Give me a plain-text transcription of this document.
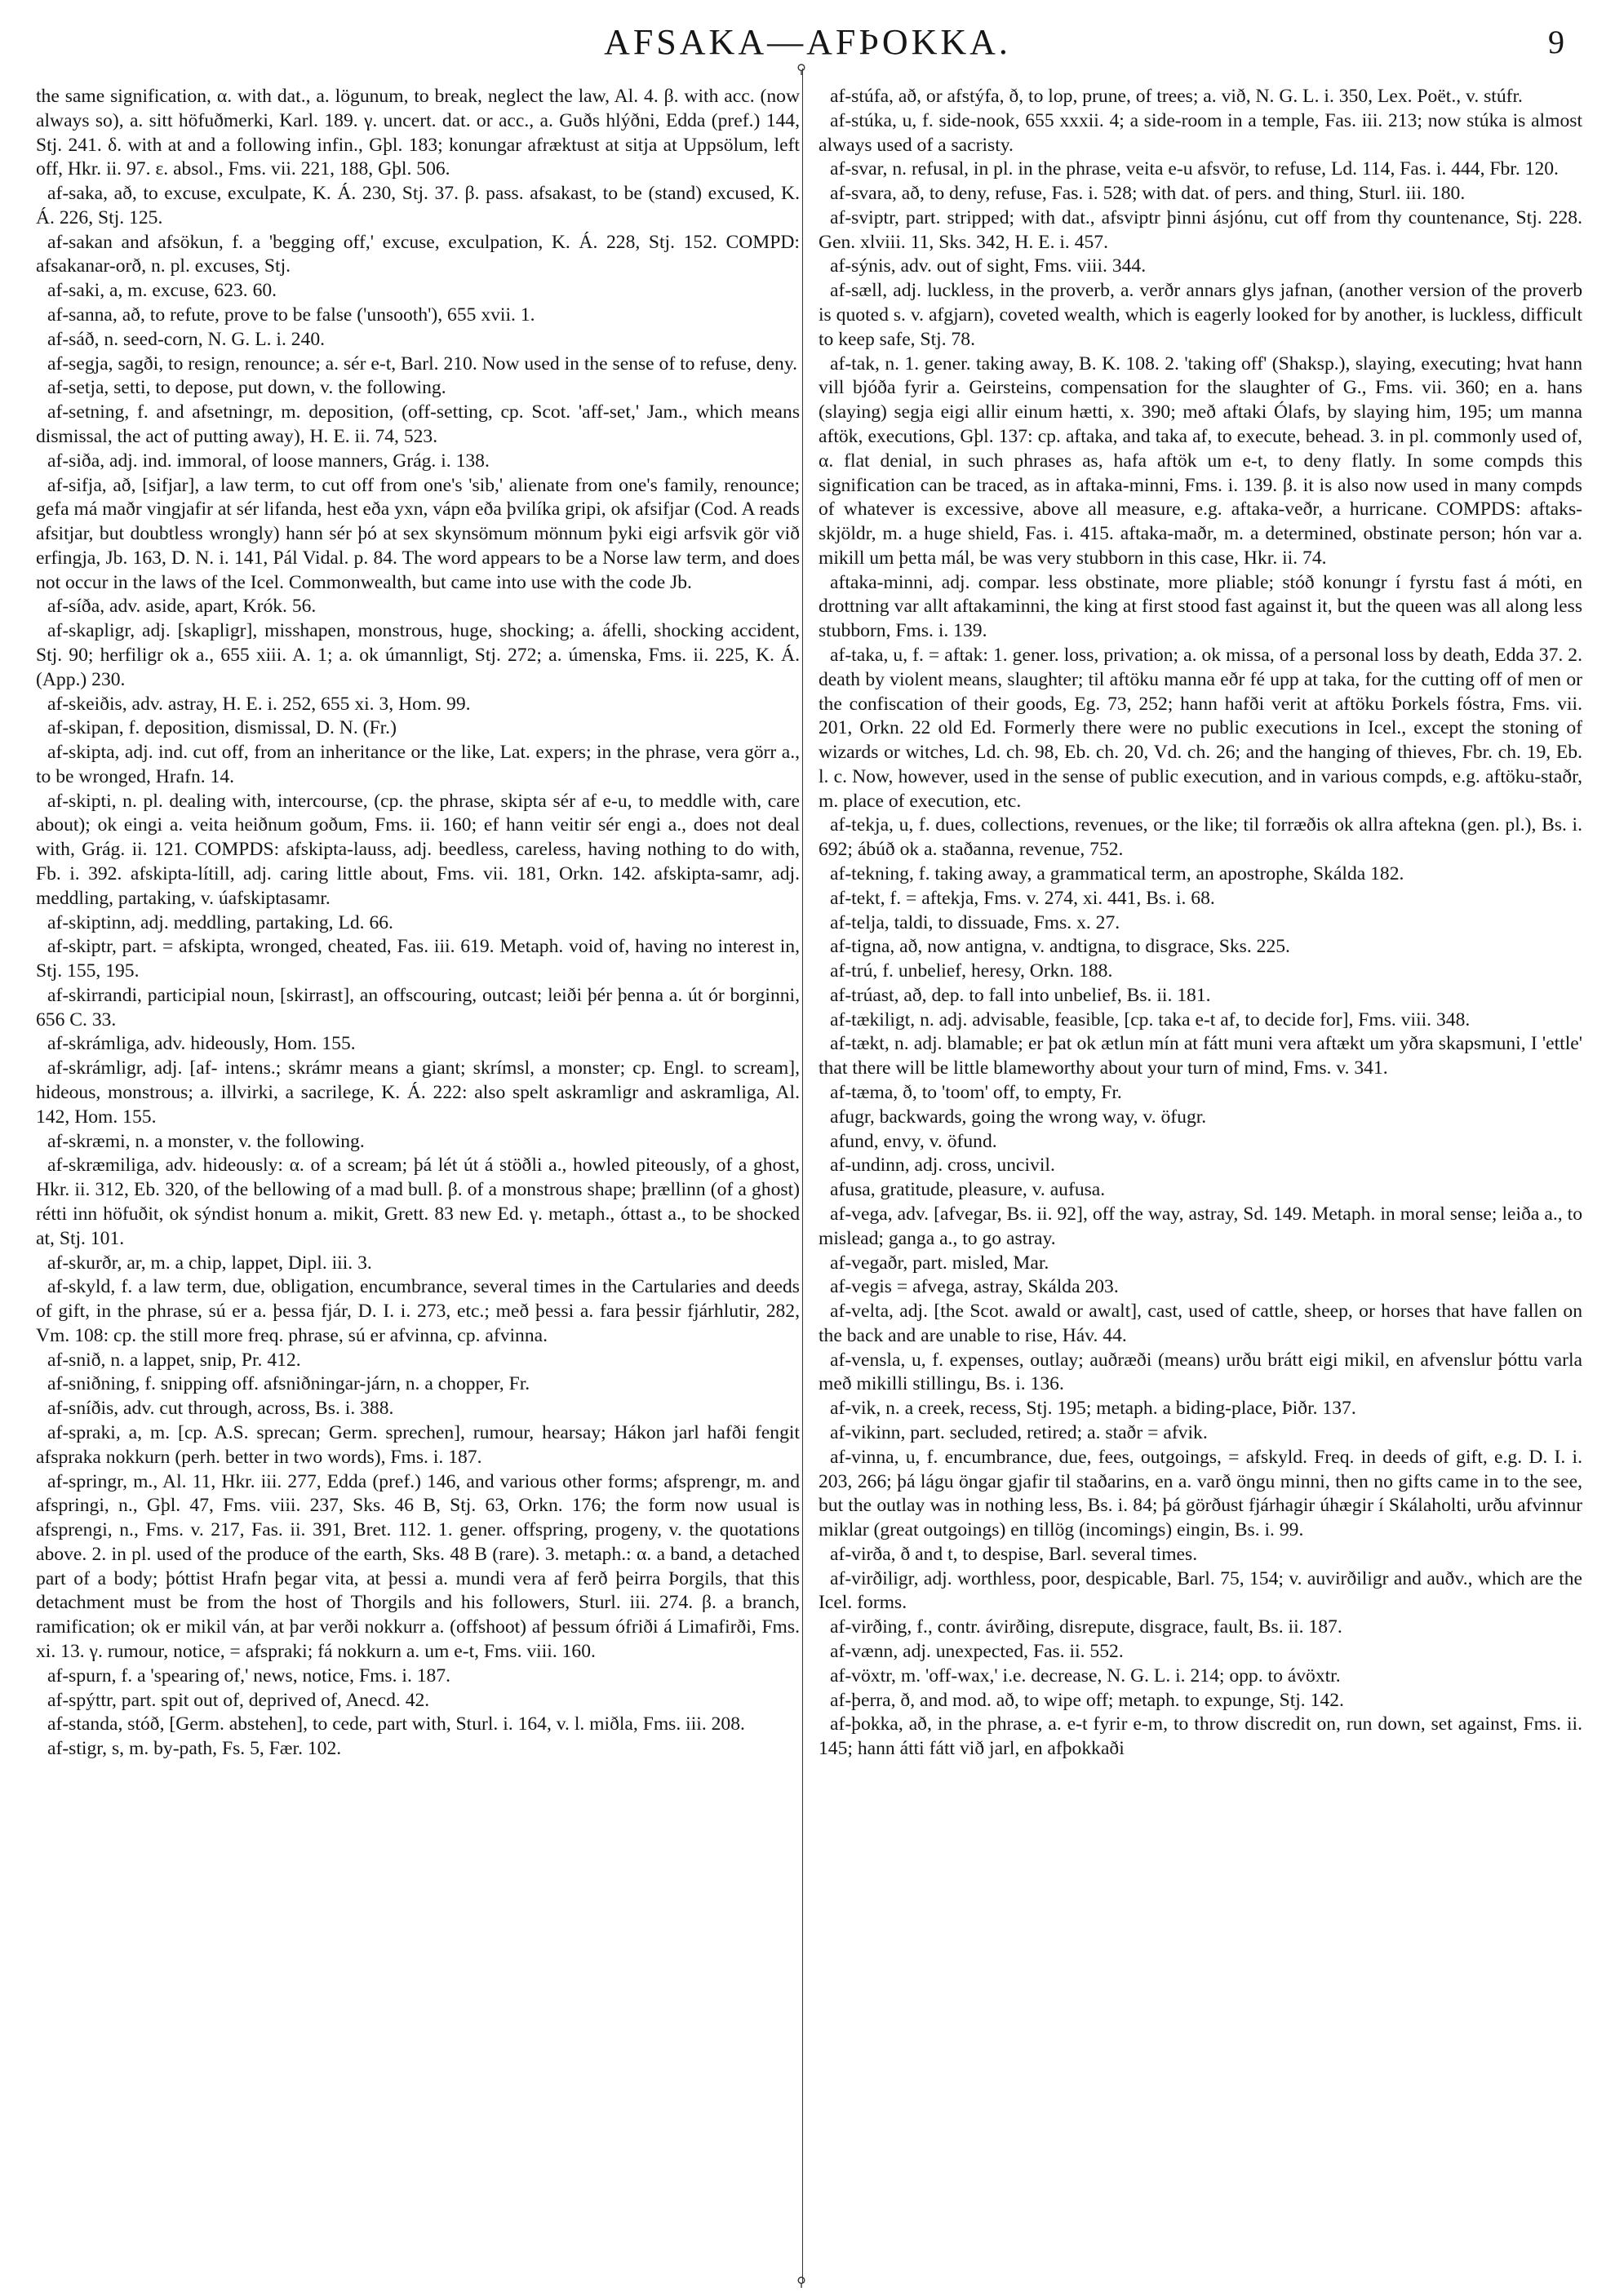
AFSAKA—AFÞOKKA.	9
⚲
⚲

the same signification, α. with dat., a. lögunum, to break, neglect the law, Al. 4. β. with acc. (now always so), a. sitt höfuðmerki, Karl. 189. γ. uncert. dat. or acc., a. Guðs hlýðni, Edda (pref.) 144, Stj. 241. δ. with at and a following infin., Gþl. 183; konungar afræktust at sitja at Uppsölum, left off, Hkr. ii. 97. ε. absol., Fms. vii. 221, 188, Gþl. 506.

af-saka, að, to excuse, exculpate, K. Á. 230, Stj. 37. β. pass. afsakast, to be (stand) excused, K. Á. 226, Stj. 125.

af-sakan and afsökun, f. a 'begging off,' excuse, exculpation, K. Á. 228, Stj. 152. COMPD: afsakanar-orð, n. pl. excuses, Stj.

af-saki, a, m. excuse, 623. 60.

af-sanna, að, to refute, prove to be false ('unsooth'), 655 xvii. 1.

af-sáð, n. seed-corn, N. G. L. i. 240.

af-segja, sagði, to resign, renounce; a. sér e-t, Barl. 210. Now used in the sense of to refuse, deny.

af-setja, setti, to depose, put down, v. the following.

af-setning, f. and afsetningr, m. deposition, (off-setting, cp. Scot. 'aff-set,' Jam., which means dismissal, the act of putting away), H. E. ii. 74, 523.

af-siða, adj. ind. immoral, of loose manners, Grág. i. 138.

af-sifja, að, [sifjar], a law term, to cut off from one's 'sib,' alienate from one's family, renounce; gefa má maðr vingjafir at sér lifanda, hest eða yxn, vápn eða þvilíka gripi, ok afsifjar (Cod. A reads afsitjar, but doubtless wrongly) hann sér þó at sex skynsömum mönnum þyki eigi arfsvik gör við erfingja, Jb. 163, D. N. i. 141, Pál Vidal. p. 84. The word appears to be a Norse law term, and does not occur in the laws of the Icel. Commonwealth, but came into use with the code Jb.

af-síða, adv. aside, apart, Krók. 56.

af-skapligr, adj. [skapligr], misshapen, monstrous, huge, shocking; a. áfelli, shocking accident, Stj. 90; herfiligr ok a., 655 xiii. A. 1; a. ok úmannligt, Stj. 272; a. úmenska, Fms. ii. 225, K. Á. (App.) 230.

af-skeiðis, adv. astray, H. E. i. 252, 655 xi. 3, Hom. 99.

af-skipan, f. deposition, dismissal, D. N. (Fr.)

af-skipta, adj. ind. cut off, from an inheritance or the like, Lat. expers; in the phrase, vera görr a., to be wronged, Hrafn. 14.

af-skipti, n. pl. dealing with, intercourse, (cp. the phrase, skipta sér af e-u, to meddle with, care about); ok eingi a. veita heiðnum goðum, Fms. ii. 160; ef hann veitir sér engi a., does not deal with, Grág. ii. 121. COMPDS: afskipta-lauss, adj. beedless, careless, having nothing to do with, Fb. i. 392. afskipta-lítill, adj. caring little about, Fms. vii. 181, Orkn. 142. afskipta-samr, adj. meddling, partaking, v. úafskiptasamr.

af-skiptinn, adj. meddling, partaking, Ld. 66.

af-skiptr, part. = afskipta, wronged, cheated, Fas. iii. 619. Metaph. void of, having no interest in, Stj. 155, 195.

af-skirrandi, participial noun, [skirrast], an offscouring, outcast; leiði þér þenna a. út ór borginni, 656 C. 33.

af-skrámliga, adv. hideously, Hom. 155.

af-skrámligr, adj. [af- intens.; skrámr means a giant; skrímsl, a monster; cp. Engl. to scream], hideous, monstrous; a. illvirki, a sacrilege, K. Á. 222: also spelt askramligr and askramliga, Al. 142, Hom. 155.

af-skræmi, n. a monster, v. the following.

af-skræmiliga, adv. hideously: α. of a scream; þá lét út á stöðli a., howled piteously, of a ghost, Hkr. ii. 312, Eb. 320, of the bellowing of a mad bull. β. of a monstrous shape; þrællinn (of a ghost) rétti inn höfuðit, ok sýndist honum a. mikit, Grett. 83 new Ed. γ. metaph., óttast a., to be shocked at, Stj. 101.

af-skurðr, ar, m. a chip, lappet, Dipl. iii. 3.

af-skyld, f. a law term, due, obligation, encumbrance, several times in the Cartularies and deeds of gift, in the phrase, sú er a. þessa fjár, D. I. i. 273, etc.; með þessi a. fara þessir fjárhlutir, 282, Vm. 108: cp. the still more freq. phrase, sú er afvinna, cp. afvinna.

af-snið, n. a lappet, snip, Pr. 412.

af-sniðning, f. snipping off. afsniðningar-járn, n. a chopper, Fr.

af-sníðis, adv. cut through, across, Bs. i. 388.

af-spraki, a, m. [cp. A.S. sprecan; Germ. sprechen], rumour, hearsay; Hákon jarl hafði fengit afspraka nokkurn (perh. better in two words), Fms. i. 187.

af-springr, m., Al. 11, Hkr. iii. 277, Edda (pref.) 146, and various other forms; afsprengr, m. and afspringi, n., Gþl. 47, Fms. viii. 237, Sks. 46 B, Stj. 63, Orkn. 176; the form now usual is afsprengi, n., Fms. v. 217, Fas. ii. 391, Bret. 112. 1. gener. offspring, progeny, v. the quotations above. 2. in pl. used of the produce of the earth, Sks. 48 B (rare). 3. metaph.: α. a band, a detached part of a body; þóttist Hrafn þegar vita, at þessi a. mundi vera af ferð þeirra Þorgils, that this detachment must be from the host of Thorgils and his followers, Sturl. iii. 274. β. a branch, ramification; ok er mikil ván, at þar verði nokkurr a. (offshoot) af þessum ófriði á Limafirði, Fms. xi. 13. γ. rumour, notice, = afspraki; fá nokkurn a. um e-t, Fms. viii. 160.

af-spurn, f. a 'spearing of,' news, notice, Fms. i. 187.

af-spýttr, part. spit out of, deprived of, Anecd. 42.

af-standa, stóð, [Germ. abstehen], to cede, part with, Sturl. i. 164, v. l. miðla, Fms. iii. 208.

af-stigr, s, m. by-path, Fs. 5, Fær. 102.

af-stúfa, að, or afstýfa, ð, to lop, prune, of trees; a. við, N. G. L. i. 350, Lex. Poët., v. stúfr.

af-stúka, u, f. side-nook, 655 xxxii. 4; a side-room in a temple, Fas. iii. 213; now stúka is almost always used of a sacristy.

af-svar, n. refusal, in pl. in the phrase, veita e-u afsvör, to refuse, Ld. 114, Fas. i. 444, Fbr. 120.

af-svara, að, to deny, refuse, Fas. i. 528; with dat. of pers. and thing, Sturl. iii. 180.

af-sviptr, part. stripped; with dat., afsviptr þinni ásjónu, cut off from thy countenance, Stj. 228. Gen. xlviii. 11, Sks. 342, H. E. i. 457.

af-sýnis, adv. out of sight, Fms. viii. 344.

af-sæll, adj. luckless, in the proverb, a. verðr annars glys jafnan, (another version of the proverb is quoted s. v. afgjarn), coveted wealth, which is eagerly looked for by another, is luckless, difficult to keep safe, Stj. 78.

af-tak, n. 1. gener. taking away, B. K. 108. 2. 'taking off' (Shaksp.), slaying, executing; hvat hann vill bjóða fyrir a. Geirsteins, compensation for the slaughter of G., Fms. vii. 360; en a. hans (slaying) segja eigi allir einum hætti, x. 390; með aftaki Ólafs, by slaying him, 195; um manna aftök, executions, Gþl. 137: cp. aftaka, and taka af, to execute, behead. 3. in pl. commonly used of, α. flat denial, in such phrases as, hafa aftök um e-t, to deny flatly. In some compds this signification can be traced, as in aftaka-minni, Fms. i. 139. β. it is also now used in many compds of whatever is excessive, above all measure, e.g. aftaka-veðr, a hurricane. COMPDS: aftaks-skjöldr, m. a huge shield, Fas. i. 415. aftaka-maðr, m. a determined, obstinate person; hón var a. mikill um þetta mál, be was very stubborn in this case, Hkr. ii. 74.

aftaka-minni, adj. compar. less obstinate, more pliable; stóð konungr í fyrstu fast á móti, en drottning var allt aftakaminni, the king at first stood fast against it, but the queen was all along less stubborn, Fms. i. 139.

af-taka, u, f. = aftak: 1. gener. loss, privation; a. ok missa, of a personal loss by death, Edda 37. 2. death by violent means, slaughter; til aftöku manna eðr fé upp at taka, for the cutting off of men or the confiscation of their goods, Eg. 73, 252; hann hafði verit at aftöku Þorkels fóstra, Fms. vii. 201, Orkn. 22 old Ed. Formerly there were no public executions in Icel., except the stoning of wizards or witches, Ld. ch. 98, Eb. ch. 20, Vd. ch. 26; and the hanging of thieves, Fbr. ch. 19, Eb. l. c. Now, however, used in the sense of public execution, and in various compds, e.g. aftöku-staðr, m. place of execution, etc.

af-tekja, u, f. dues, collections, revenues, or the like; til forræðis ok allra aftekna (gen. pl.), Bs. i. 692; ábúð ok a. staðanna, revenue, 752.

af-tekning, f. taking away, a grammatical term, an apostrophe, Skálda 182.

af-tekt, f. = aftekja, Fms. v. 274, xi. 441, Bs. i. 68.

af-telja, taldi, to dissuade, Fms. x. 27.

af-tigna, að, now antigna, v. andtigna, to disgrace, Sks. 225.

af-trú, f. unbelief, heresy, Orkn. 188.

af-trúast, að, dep. to fall into unbelief, Bs. ii. 181.

af-tækiligt, n. adj. advisable, feasible, [cp. taka e-t af, to decide for], Fms. viii. 348.

af-tækt, n. adj. blamable; er þat ok ætlun mín at fátt muni vera aftækt um yðra skapsmuni, I 'ettle' that there will be little blameworthy about your turn of mind, Fms. v. 341.

af-tæma, ð, to 'toom' off, to empty, Fr.

afugr, backwards, going the wrong way, v. öfugr.

afund, envy, v. öfund.

af-undinn, adj. cross, uncivil.

afusa, gratitude, pleasure, v. aufusa.

af-vega, adv. [afvegar, Bs. ii. 92], off the way, astray, Sd. 149. Metaph. in moral sense; leiða a., to mislead; ganga a., to go astray.

af-vegaðr, part. misled, Mar.

af-vegis = afvega, astray, Skálda 203.

af-velta, adj. [the Scot. awald or awalt], cast, used of cattle, sheep, or horses that have fallen on the back and are unable to rise, Háv. 44.

af-vensla, u, f. expenses, outlay; auðræði (means) urðu brátt eigi mikil, en afvenslur þóttu varla með mikilli stillingu, Bs. i. 136.

af-vik, n. a creek, recess, Stj. 195; metaph. a biding-place, Þiðr. 137.

af-vikinn, part. secluded, retired; a. staðr = afvik.

af-vinna, u, f. encumbrance, due, fees, outgoings, = afskyld. Freq. in deeds of gift, e.g. D. I. i. 203, 266; þá lágu öngar gjafir til staðarins, en a. varð öngu minni, then no gifts came in to the see, but the outlay was in nothing less, Bs. i. 84; þá görðust fjárhagir úhægir í Skálaholti, urðu afvinnur miklar (great outgoings) en tillög (incomings) eingin, Bs. i. 99.

af-virða, ð and t, to despise, Barl. several times.

af-virðiligr, adj. worthless, poor, despicable, Barl. 75, 154; v. auvirðiligr and auðv., which are the Icel. forms.

af-virðing, f., contr. ávirðing, disrepute, disgrace, fault, Bs. ii. 187.

af-vænn, adj. unexpected, Fas. ii. 552.

af-vöxtr, m. 'off-wax,' i.e. decrease, N. G. L. i. 214; opp. to ávöxtr.

af-þerra, ð, and mod. að, to wipe off; metaph. to expunge, Stj. 142.

af-þokka, að, in the phrase, a. e-t fyrir e-m, to throw discredit on, run down, set against, Fms. ii. 145; hann átti fátt við jarl, en afþokkaði
